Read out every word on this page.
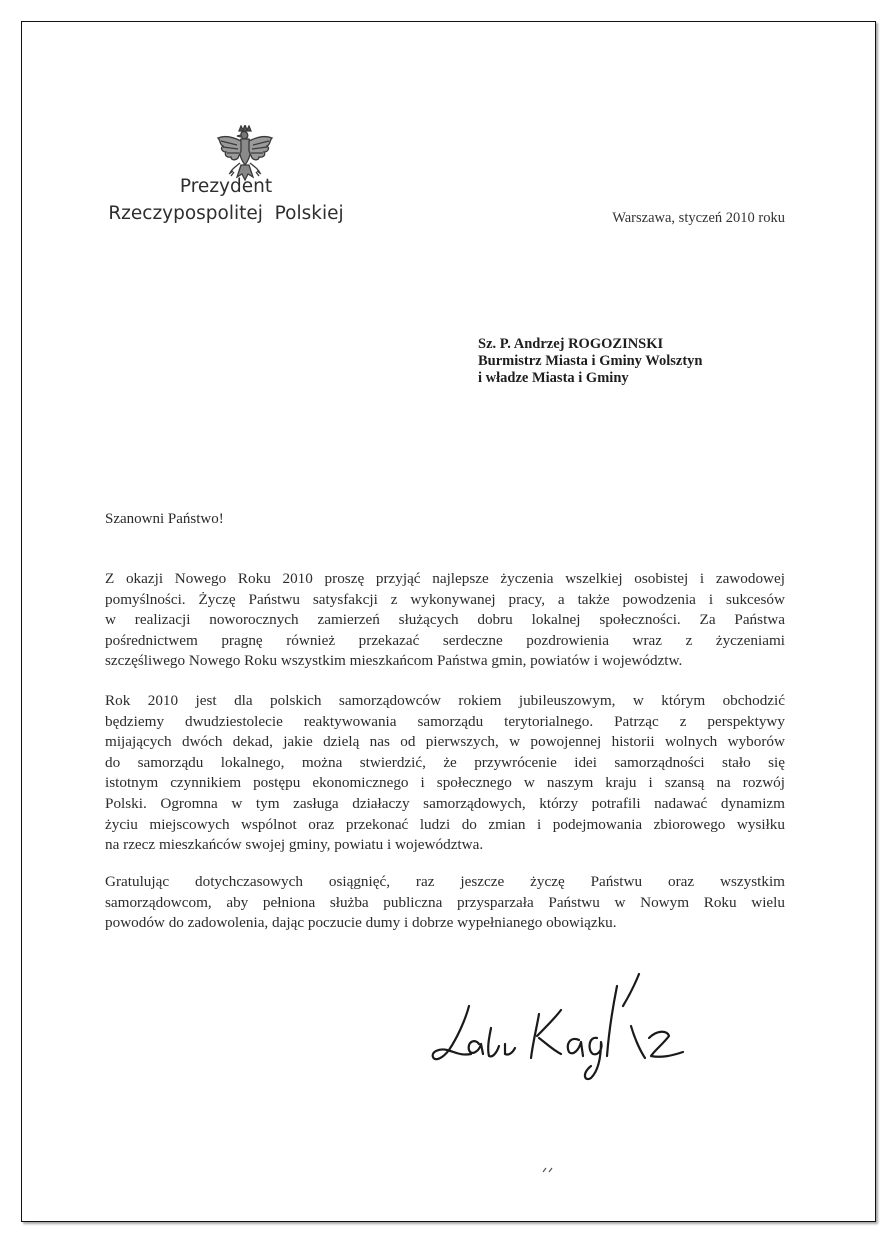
Prezydent
Rzeczypospolitej  Polskiej	Warszawa, styczeń 2010 roku
Sz. P. Andrzej ROGOZINSKI
Burmistrz Miasta i Gminy Wolsztyn
i władze Miasta i Gminy
Szanowni Państwo!
Z okazji Nowego Roku 2010 proszę przyjąć najlepsze życzenia wszelkiej osobistej i zawodowej
pomyślności. Życzę Państwu satysfakcji z wykonywanej pracy, a także powodzenia i sukcesów
w realizacji noworocznych zamierzeń służących dobru lokalnej społeczności. Za Państwa
pośrednictwem pragnę również przekazać serdeczne pozdrowienia wraz z życzeniami
szczęśliwego Nowego Roku wszystkim mieszkańcom Państwa gmin, powiatów i województw.
Rok 2010 jest dla polskich samorządowców rokiem jubileuszowym, w którym obchodzić
będziemy dwudziestolecie reaktywowania samorządu terytorialnego. Patrząc z perspektywy
mijających dwóch dekad, jakie dzielą nas od pierwszych, w powojennej historii wolnych wyborów
do samorządu lokalnego, można stwierdzić, że przywrócenie idei samorządności stało się
istotnym czynnikiem postępu ekonomicznego i społecznego w naszym kraju i szansą na rozwój
Polski. Ogromna w tym zasługa działaczy samorządowych, którzy potrafili nadawać dynamizm
życiu miejscowych wspólnot oraz przekonać ludzi do zmian i podejmowania zbiorowego wysiłku
na rzecz mieszkańców swojej gminy, powiatu i województwa.
Gratulując dotychczasowych osiągnięć, raz jeszcze życzę Państwu oraz wszystkim
samorządowcom, aby pełniona służba publiczna przysparzała Państwu w Nowym Roku wielu
powodów do zadowolenia, dając poczucie dumy i dobrze wypełnianego obowiązku.
